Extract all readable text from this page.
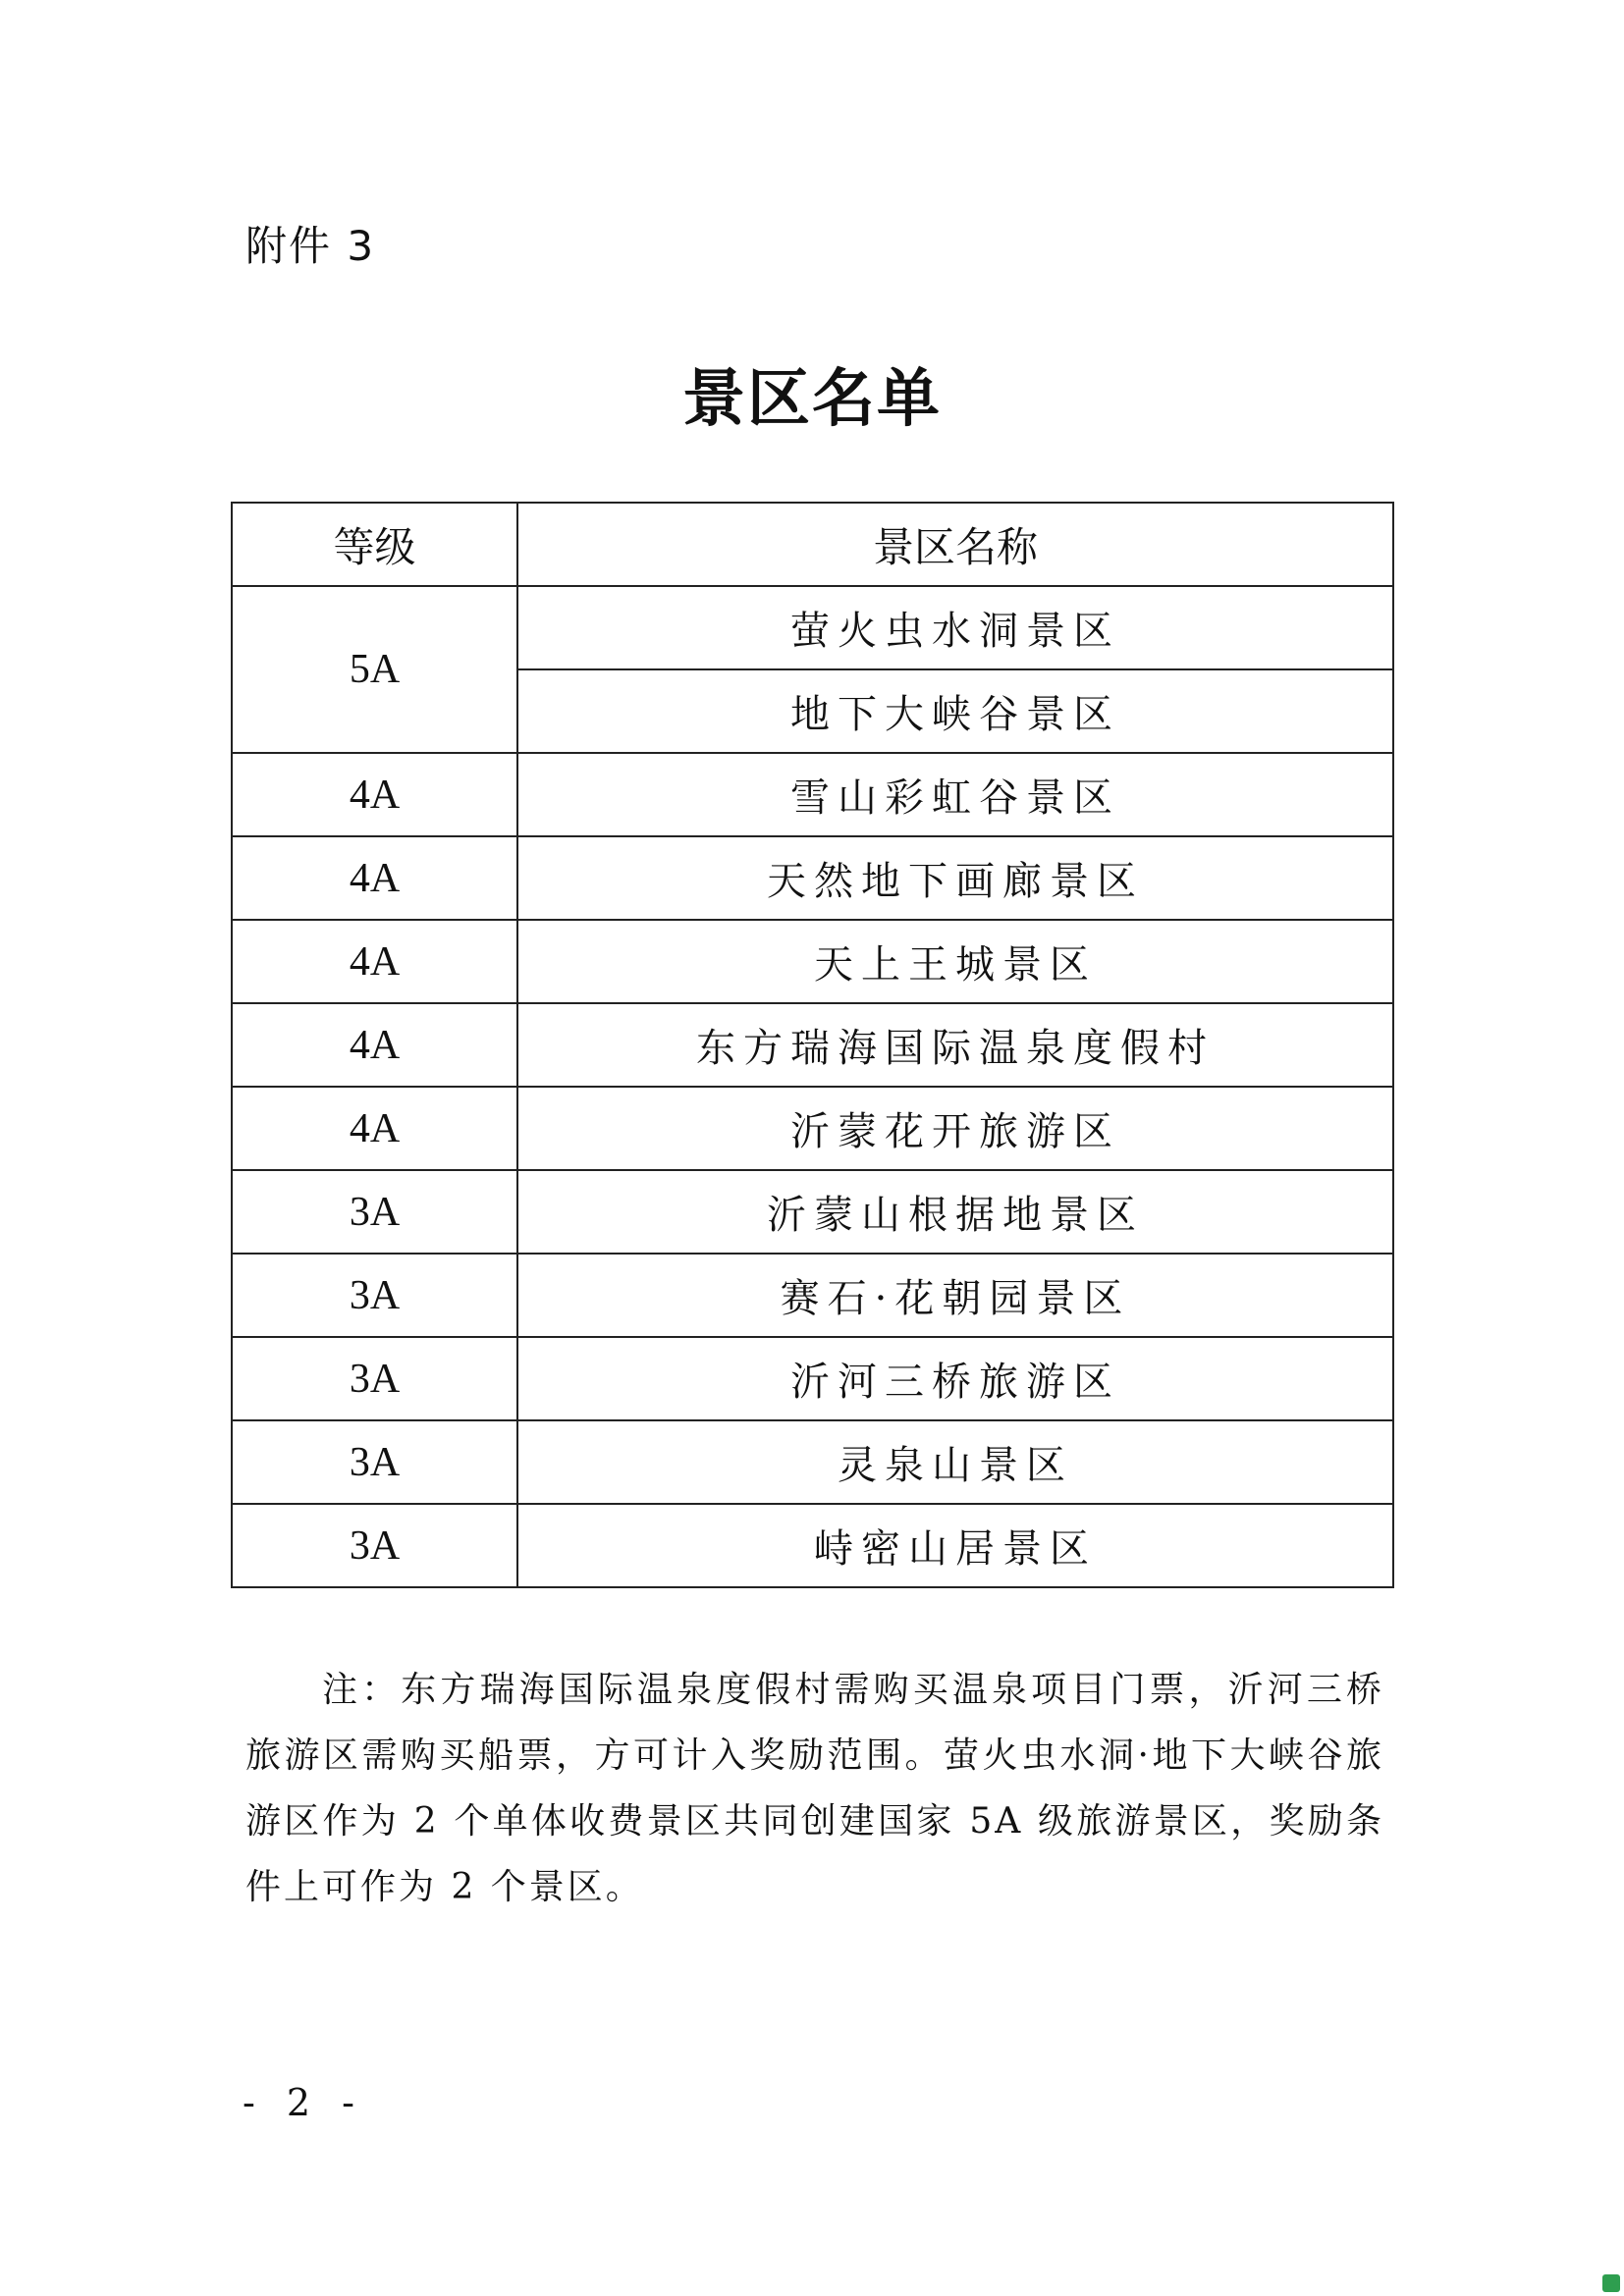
附件 3
景区名单
等级	景区名称
5A	萤火虫水洞景区
	地下大峡谷景区
4A	雪山彩虹谷景区
4A	天然地下画廊景区
4A	天上王城景区
4A	东方瑞海国际温泉度假村
4A	沂蒙花开旅游区
3A	沂蒙山根据地景区
3A	赛石·花朝园景区
3A	沂河三桥旅游区
3A	灵泉山景区
3A	峙密山居景区

注：东方瑞海国际温泉度假村需购买温泉项目门票，沂河三桥旅游区需购买船票，方可计入奖励范围。萤火虫水洞·地下大峡谷旅游区作为 2 个单体收费景区共同创建国家 5A 级旅游景区，奖励条件上可作为 2 个景区。

- 2 -
